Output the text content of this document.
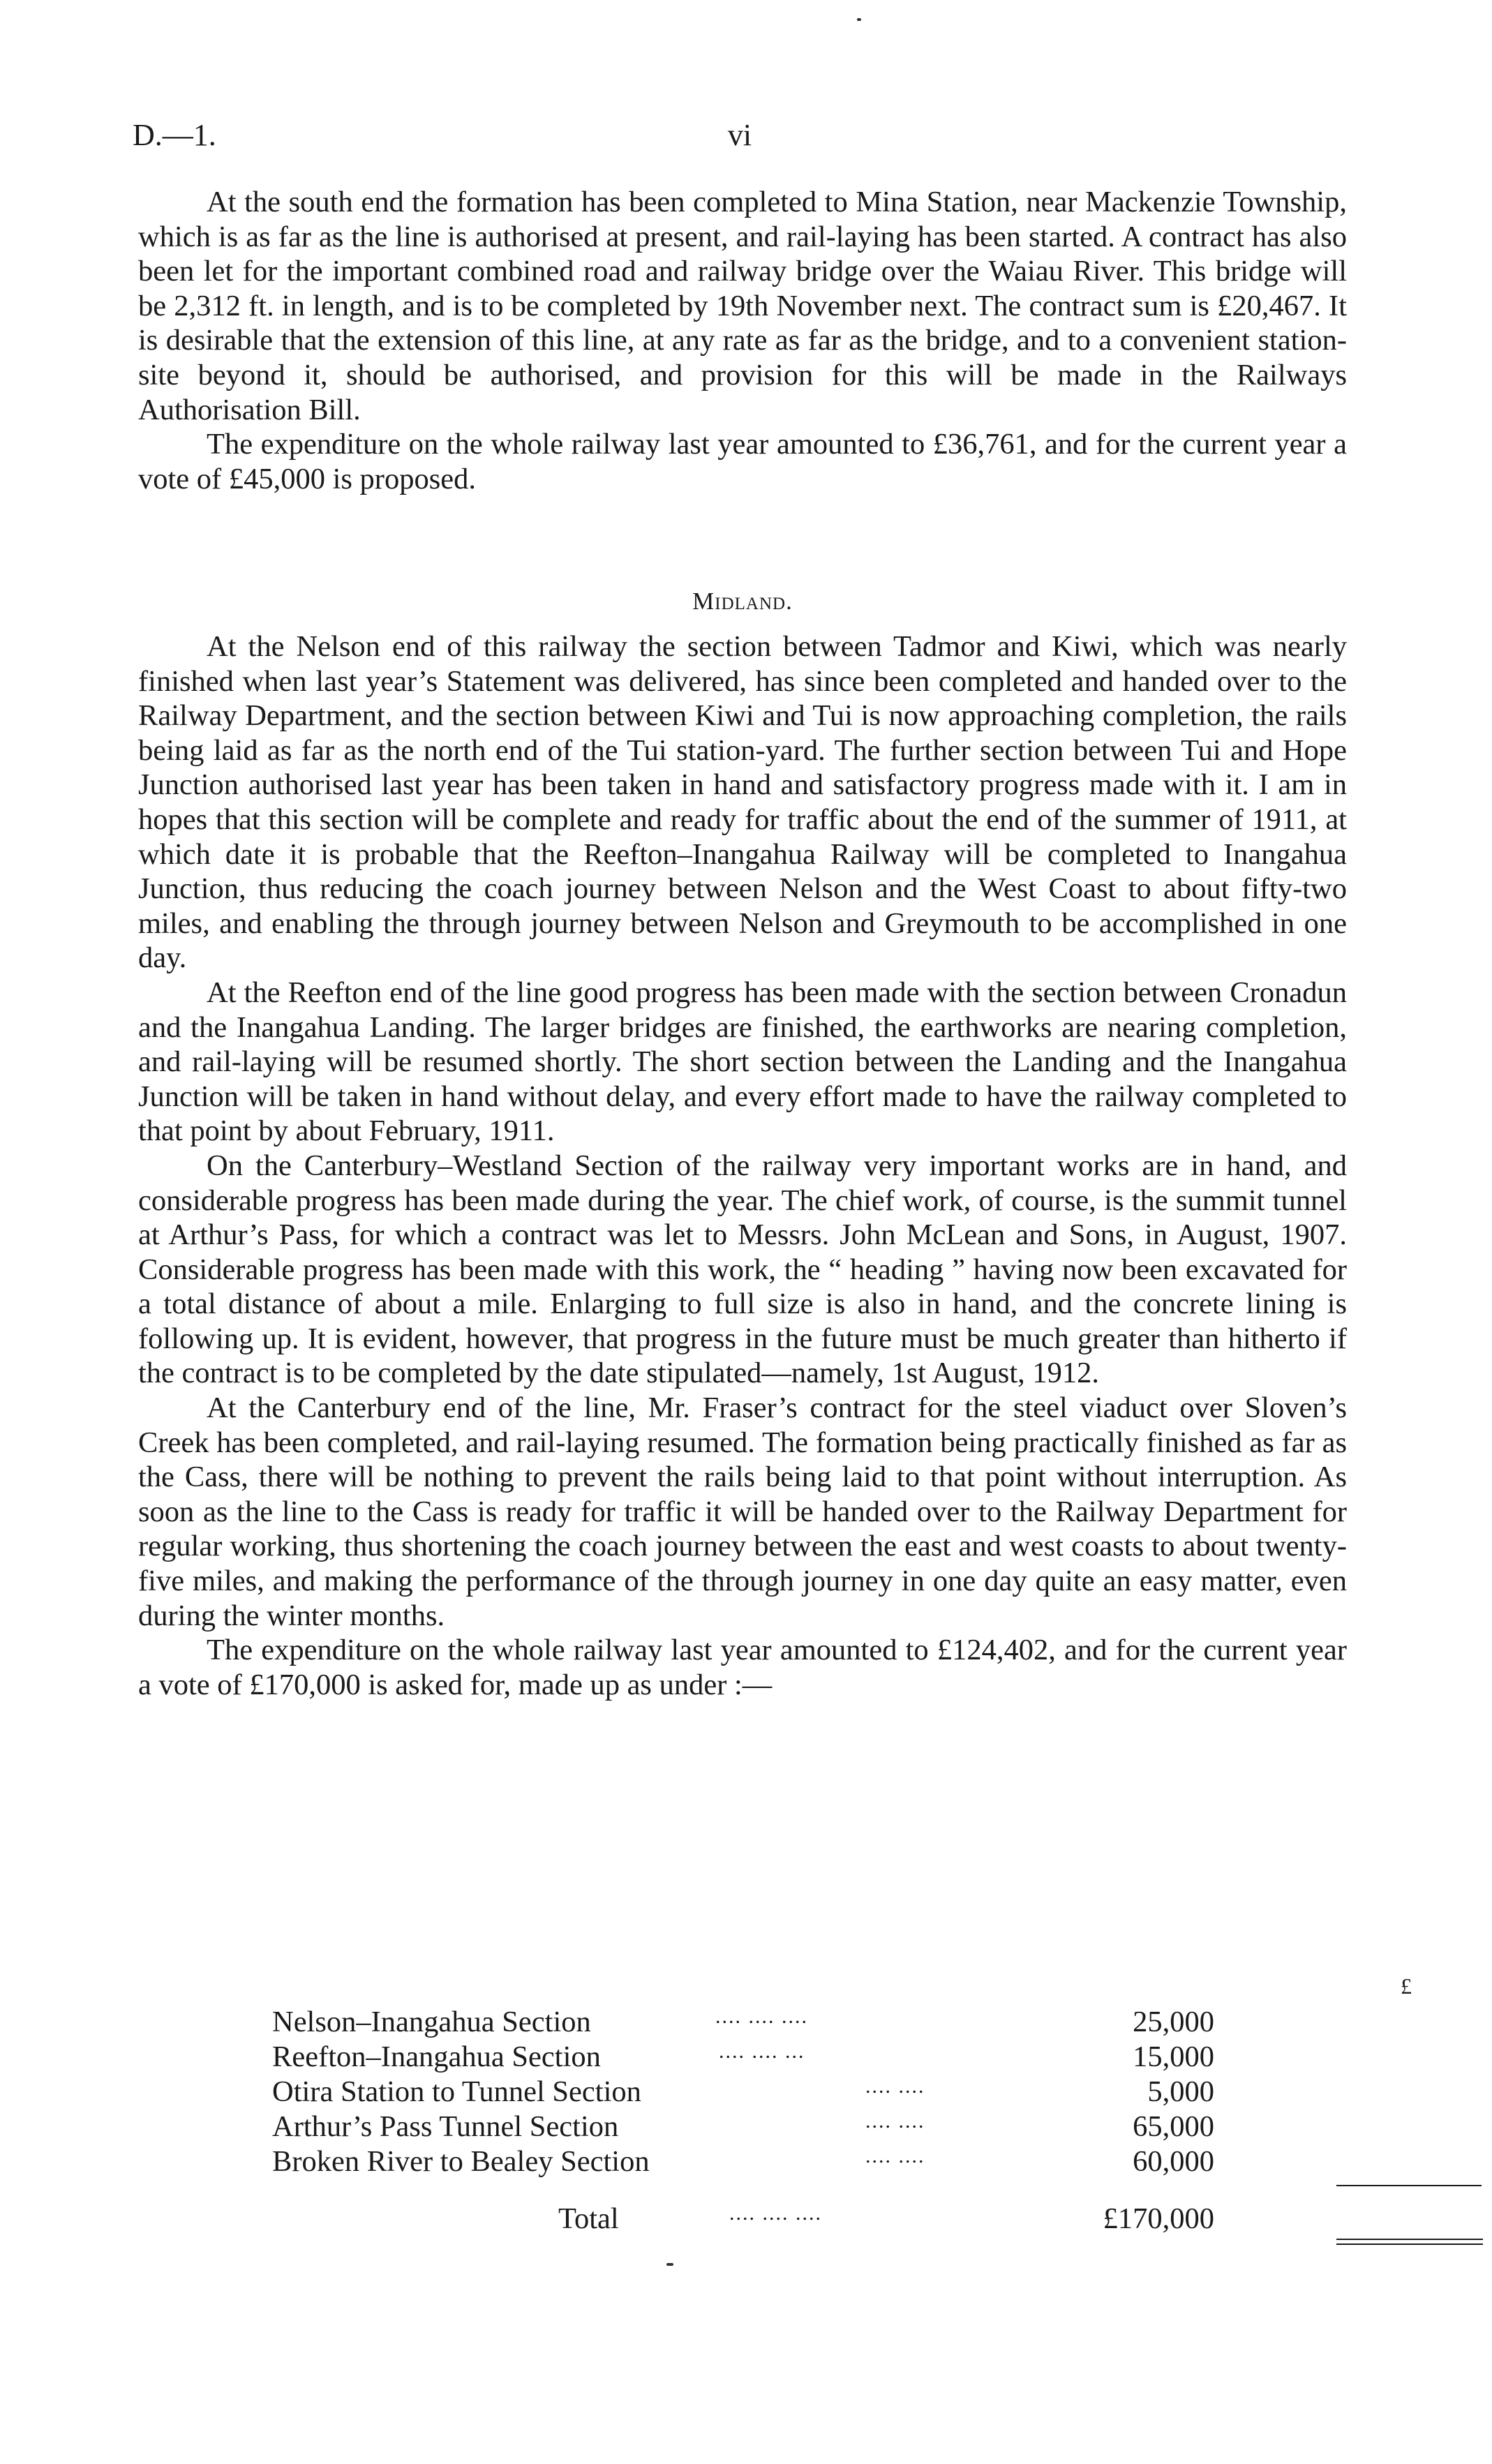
D.—1.	vi

At the south end the formation has been completed to Mina Station, near Mackenzie Township, which is as far as the line is authorised at present, and rail-laying has been started. A contract has also been let for the important combined road and railway bridge over the Waiau River. This bridge will be 2,312 ft. in length, and is to be completed by 19th November next. The contract sum is £20,467. It is desirable that the extension of this line, at any rate as far as the bridge, and to a convenient station-site beyond it, should be authorised, and provision for this will be made in the Railways Authorisation Bill.

The expenditure on the whole railway last year amounted to £36,761, and for the current year a vote of £45,000 is proposed.

Midland.

At the Nelson end of this railway the section between Tadmor and Kiwi, which was nearly finished when last year’s Statement was delivered, has since been completed and handed over to the Railway Department, and the section between Kiwi and Tui is now approaching completion, the rails being laid as far as the north end of the Tui station-yard. The further section between Tui and Hope Junction authorised last year has been taken in hand and satisfactory progress made with it. I am in hopes that this section will be complete and ready for traffic about the end of the summer of 1911, at which date it is probable that the Reefton–Inangahua Railway will be completed to Inangahua Junction, thus reducing the coach journey between Nelson and the West Coast to about fifty-two miles, and enabling the through journey between Nelson and Greymouth to be accomplished in one day.

At the Reefton end of the line good progress has been made with the section between Cronadun and the Inangahua Landing. The larger bridges are finished, the earthworks are nearing completion, and rail-laying will be resumed shortly. The short section between the Landing and the Inangahua Junction will be taken in hand without delay, and every effort made to have the railway completed to that point by about February, 1911.

On the Canterbury–Westland Section of the railway very important works are in hand, and considerable progress has been made during the year. The chief work, of course, is the summit tunnel at Arthur’s Pass, for which a contract was let to Messrs. John McLean and Sons, in August, 1907. Considerable progress has been made with this work, the “ heading ” having now been excavated for a total distance of about a mile. Enlarging to full size is also in hand, and the concrete lining is following up. It is evident, however, that progress in the future must be much greater than hitherto if the contract is to be completed by the date stipulated—namely, 1st August, 1912.

At the Canterbury end of the line, Mr. Fraser’s contract for the steel viaduct over Sloven’s Creek has been completed, and rail-laying resumed. The formation being practically finished as far as the Cass, there will be nothing to prevent the rails being laid to that point without interruption. As soon as the line to the Cass is ready for traffic it will be handed over to the Railway Department for regular working, thus shortening the coach journey between the east and west coasts to about twenty-five miles, and making the performance of the through journey in one day quite an easy matter, even during the winter months.

The expenditure on the whole railway last year amounted to £124,402, and for the current year a vote of £170,000 is asked for, made up as under :—

£
Nelson–Inangahua Section	.... .... ....	25,000
Reefton–Inangahua Section	.... .... ...	15,000
Otira Station to Tunnel Section	.... ....	5,000
Arthur’s Pass Tunnel Section	.... ....	65,000
Broken River to Bealey Section	.... ....	60,000
Total	.... .... ....	£170,000
